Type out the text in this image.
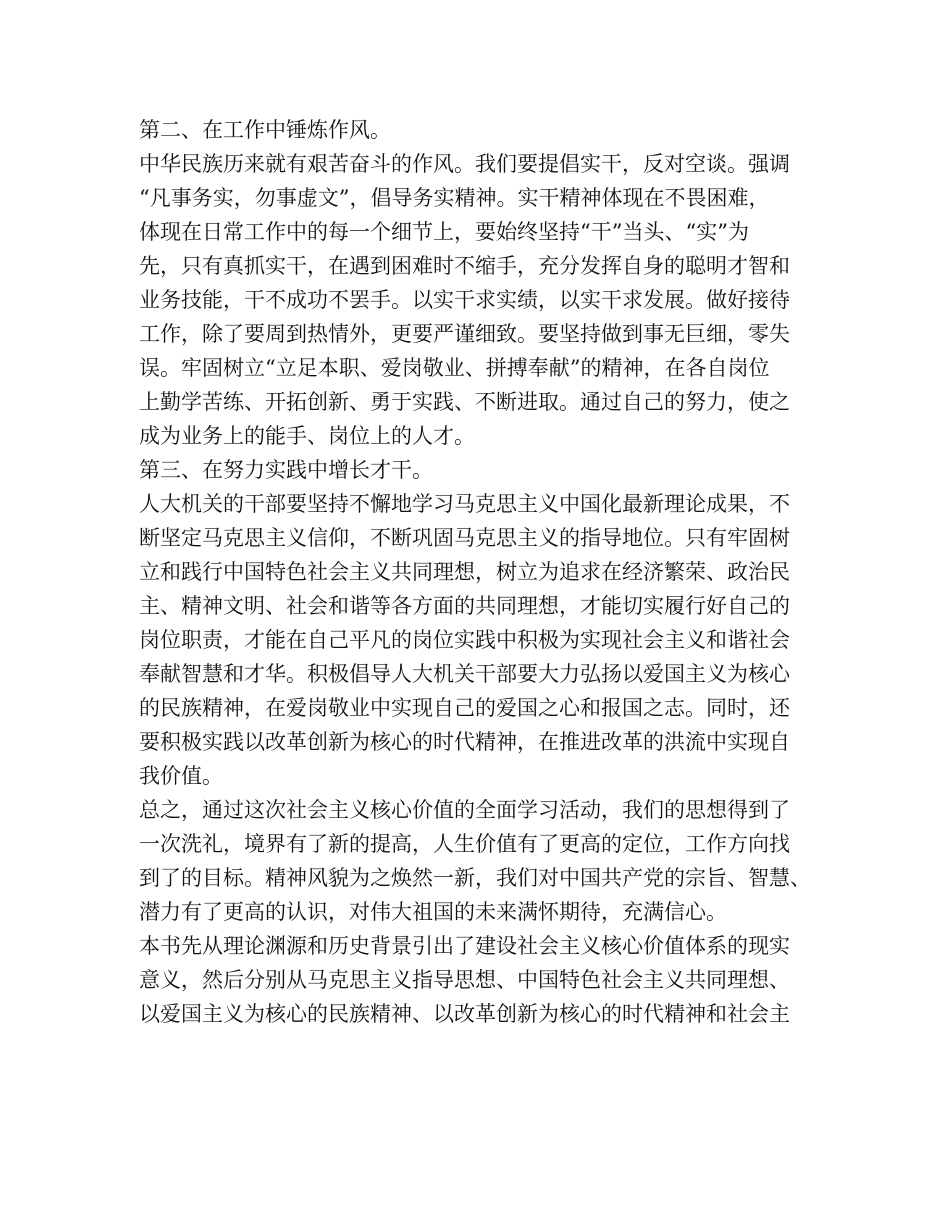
第二、在工作中锤炼作风。
中华民族历来就有艰苦奋斗的作风。我们要提倡实干，反对空谈。强调
“凡事务实，勿事虚文”，倡导务实精神。实干精神体现在不畏困难，
体现在日常工作中的每一个细节上，要始终坚持“干”当头、“实”为
先，只有真抓实干，在遇到困难时不缩手，充分发挥自身的聪明才智和
业务技能，干不成功不罢手。以实干求实绩，以实干求发展。做好接待
工作，除了要周到热情外，更要严谨细致。要坚持做到事无巨细，零失
误。牢固树立“立足本职、爱岗敬业、拼搏奉献”的精神，在各自岗位
上勤学苦练、开拓创新、勇于实践、不断进取。通过自己的努力，使之
成为业务上的能手、岗位上的人才。
第三、在努力实践中增长才干。
人大机关的干部要坚持不懈地学习马克思主义中国化最新理论成果，不
断坚定马克思主义信仰，不断巩固马克思主义的指导地位。只有牢固树
立和践行中国特色社会主义共同理想，树立为追求在经济繁荣、政治民
主、精神文明、社会和谐等各方面的共同理想，才能切实履行好自己的
岗位职责，才能在自己平凡的岗位实践中积极为实现社会主义和谐社会
奉献智慧和才华。积极倡导人大机关干部要大力弘扬以爱国主义为核心
的民族精神，在爱岗敬业中实现自己的爱国之心和报国之志。同时，还
要积极实践以改革创新为核心的时代精神，在推进改革的洪流中实现自
我价值。
总之，通过这次社会主义核心价值的全面学习活动，我们的思想得到了
一次洗礼，境界有了新的提高，人生价值有了更高的定位，工作方向找
到了的目标。精神风貌为之焕然一新，我们对中国共产党的宗旨、智慧、
潜力有了更高的认识，对伟大祖国的未来满怀期待，充满信心。
本书先从理论渊源和历史背景引出了建设社会主义核心价值体系的现实
意义，然后分别从马克思主义指导思想、中国特色社会主义共同理想、
以爱国主义为核心的民族精神、以改革创新为核心的时代精神和社会主
